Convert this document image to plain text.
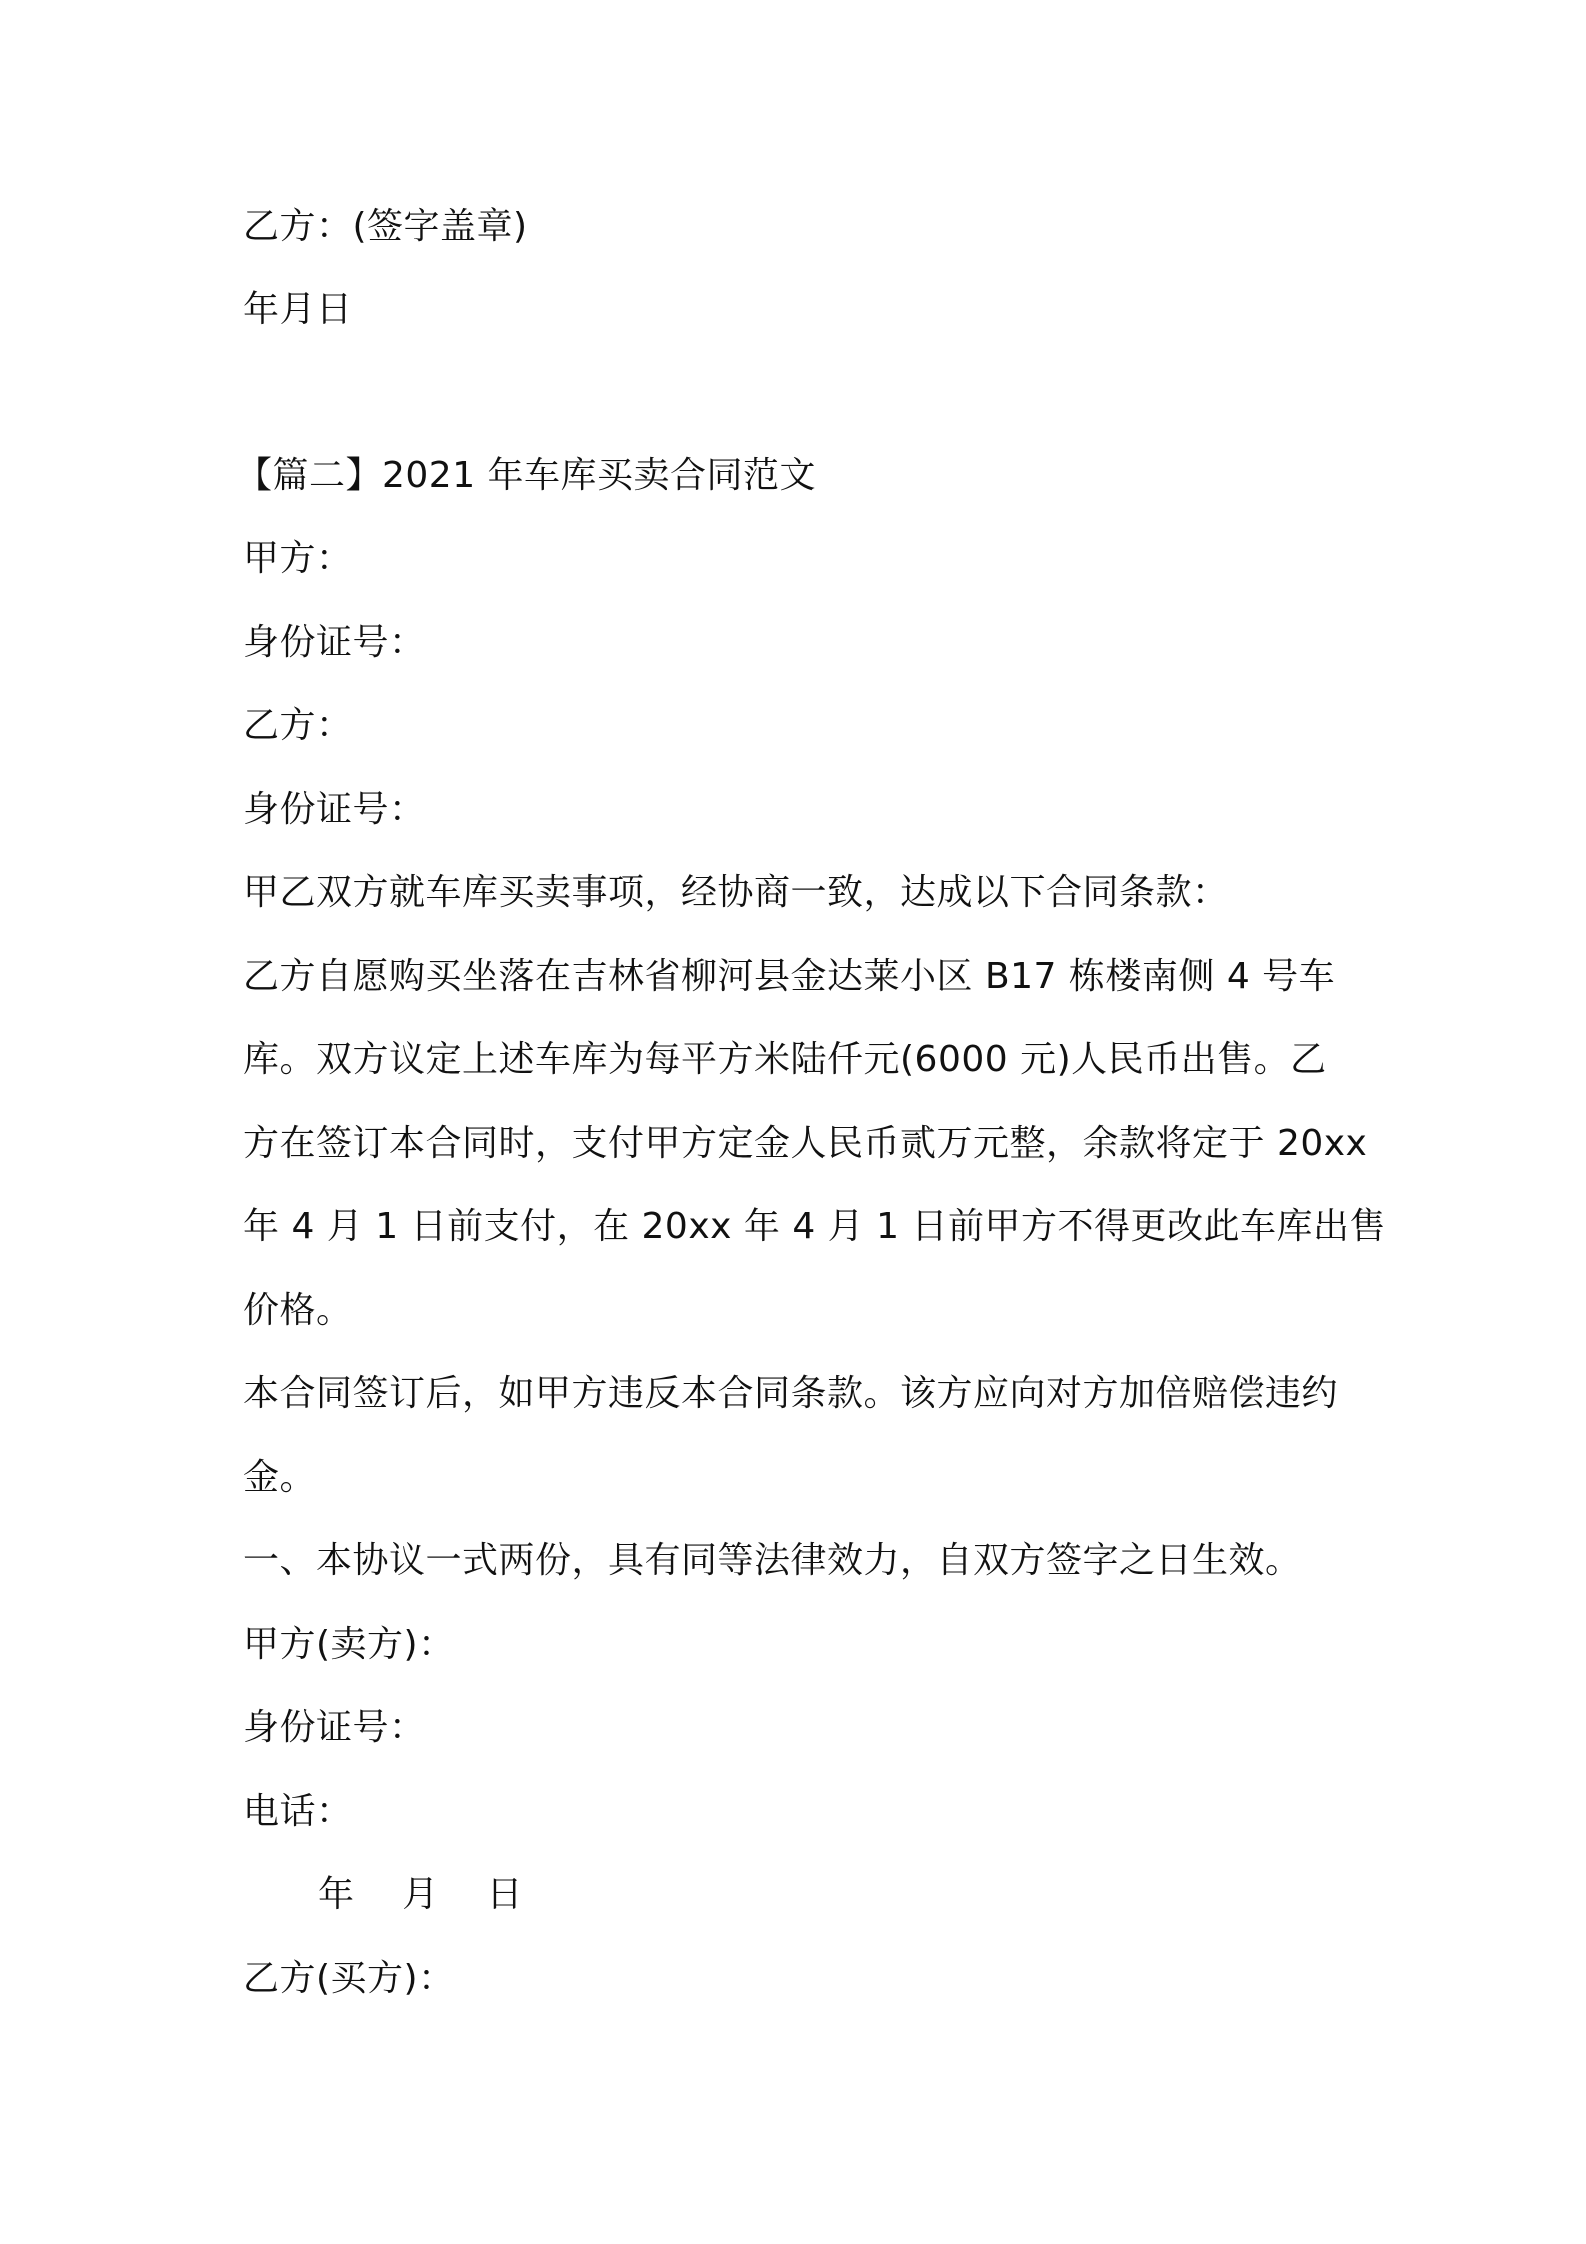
乙方：(签字盖章)
年月日
【篇二】2021 年车库买卖合同范文
甲方：
身份证号：
乙方：
身份证号：
甲乙双方就车库买卖事项，经协商一致，达成以下合同条款：
乙方自愿购买坐落在吉林省柳河县金达莱小区 B17 栋楼南侧 4 号车
库。双方议定上述车库为每平方米陆仟元(6000 元)人民币出售。乙
方在签订本合同时，支付甲方定金人民币贰万元整，余款将定于 20xx
年 4 月 1 日前支付，在 20xx 年 4 月 1 日前甲方不得更改此车库出售
价格。
本合同签订后，如甲方违反本合同条款。该方应向对方加倍赔偿违约
金。
一、本协议一式两份，具有同等法律效力，自双方签字之日生效。
甲方(卖方)：
身份证号：
电话：
年    月    日
乙方(买方)：
